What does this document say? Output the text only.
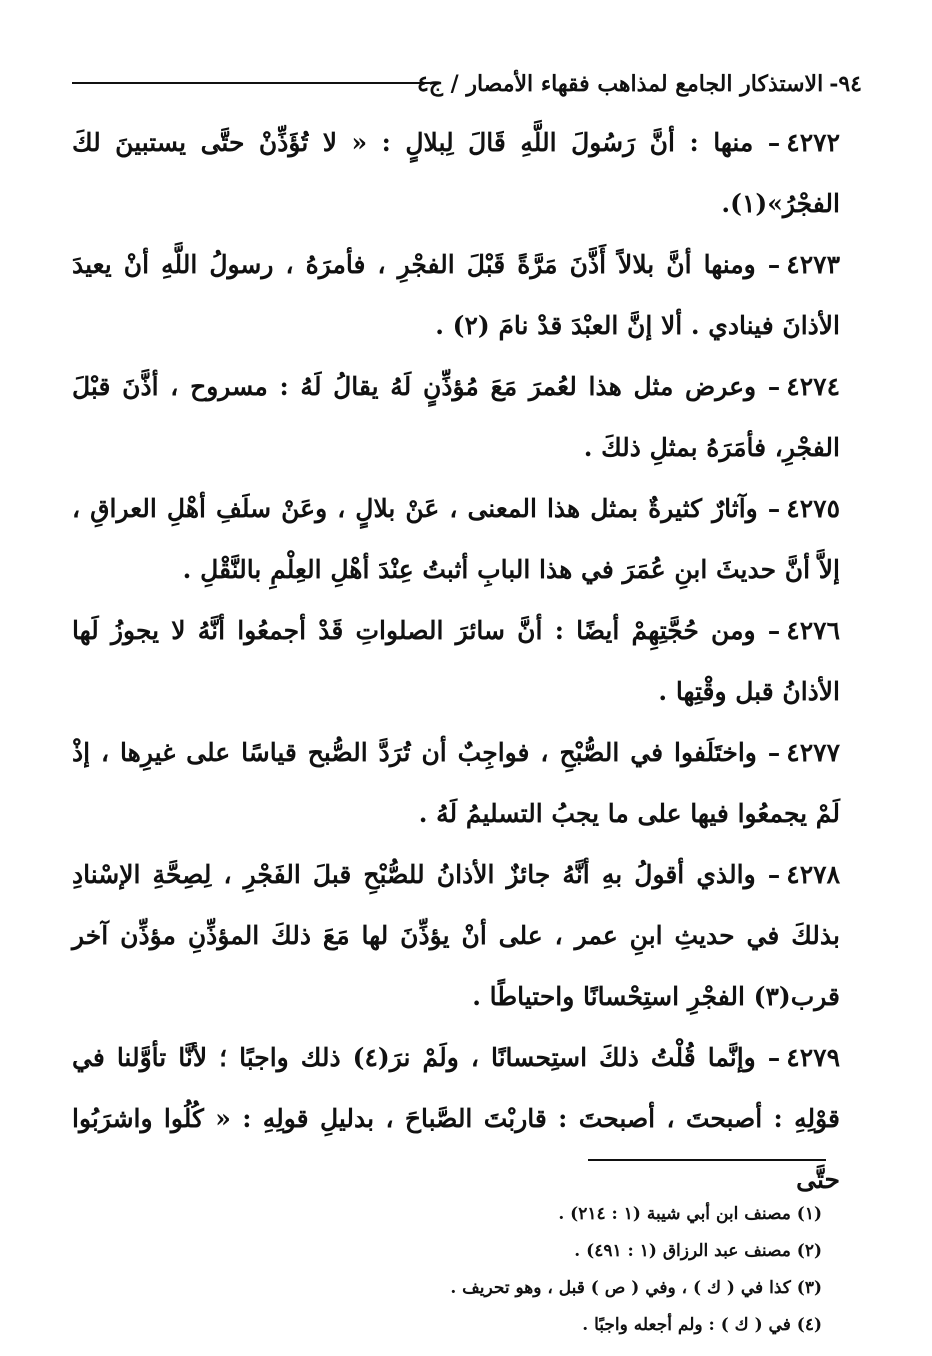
٩٤-
الاستذكار الجامع لمذاهب فقهاء الأمصار / ج٤

٤٢٧٢– منها : أنَّ رَسُولَ اللَّهِ قَالَ لِبلالٍ : « لا تُؤَذِّنْ حتَّى يستبينَ لكَ الفجْرُ»(١).

٤٢٧٣– ومنها أنَّ بلالاً أَذَّنَ مَرَّةً قَبْلَ الفجْرِ ، فأمرَهُ ، رسولُ اللَّهِ أنْ يعيدَ الأذانَ فينادي . ألا إنَّ العبْدَ قدْ نامَ (٢) .

٤٢٧٤– وعرض مثل هذا لعُمرَ مَعَ مُؤذِّنٍ لَهُ يقالُ لَهُ : مسروح ، أذَّنَ قبْلَ الفجْرِ، فأمَرَهُ بمثلِ ذلكَ .

٤٢٧٥– وآثارٌ كثيرةٌ بمثل هذا المعنى ، عَنْ بلالٍ ، وعَنْ سلَفِ أهْلِ العراقِ ، إلاَّ أنَّ حديثَ ابنِ عُمَرَ في هذا البابِ أثبتُ عِنْدَ أهْلِ العِلْمِ بالنَّقْلِ .

٤٢٧٦– ومن حُجَّتِهِمْ أيضًا : أنَّ سائرَ الصلواتِ قَدْ أجمعُوا أنَّهُ لا يجوزُ لَها الأذانُ قبل وقْتِها .

٤٢٧٧– واختَلَفوا في الصُّبْحِ ، فواجِبٌ أن تُرَدَّ الصُّبح قياسًا على غيرِها ، إذْ لَمْ يجمعُوا فيها على ما يجبُ التسليمُ لَهُ .

٤٢٧٨– والذي أقولُ بهِ أنَّهُ جائزٌ الأذانُ للصُّبْحِ قبلَ الفَجْرِ ، لِصِحَّةِ الإسْنادِ بذلكَ في حديثِ ابنِ عمر ، على أنْ يؤذِّنَ لها مَعَ ذلكَ المؤذِّنِ مؤذِّن آخر قرب(٣) الفجْرِ استِحْسانًا واحتياطًا .

٤٢٧٩– وإنَّما قُلْتُ ذلكَ استِحسانًا ، ولَمْ نرَ(٤) ذلك واجبًا ؛ لأنَّا تأوَّلنا في قوْلِهِ : أصبحتَ ، أصبحتَ : قاربْتَ الصَّباحَ ، بدليلِ قولِهِ : « كُلُوا واشرَبُوا حتَّى

(١) مصنف ابن أبي شيبة (١ : ٢١٤) .

(٢) مصنف عبد الرزاق (١ : ٤٩١) .

(٣) كذا في ( ك ) ، وفي ( ص ) قبل ، وهو تحريف .

(٤) في ( ك ) : ولم أجعله واجبًا .
